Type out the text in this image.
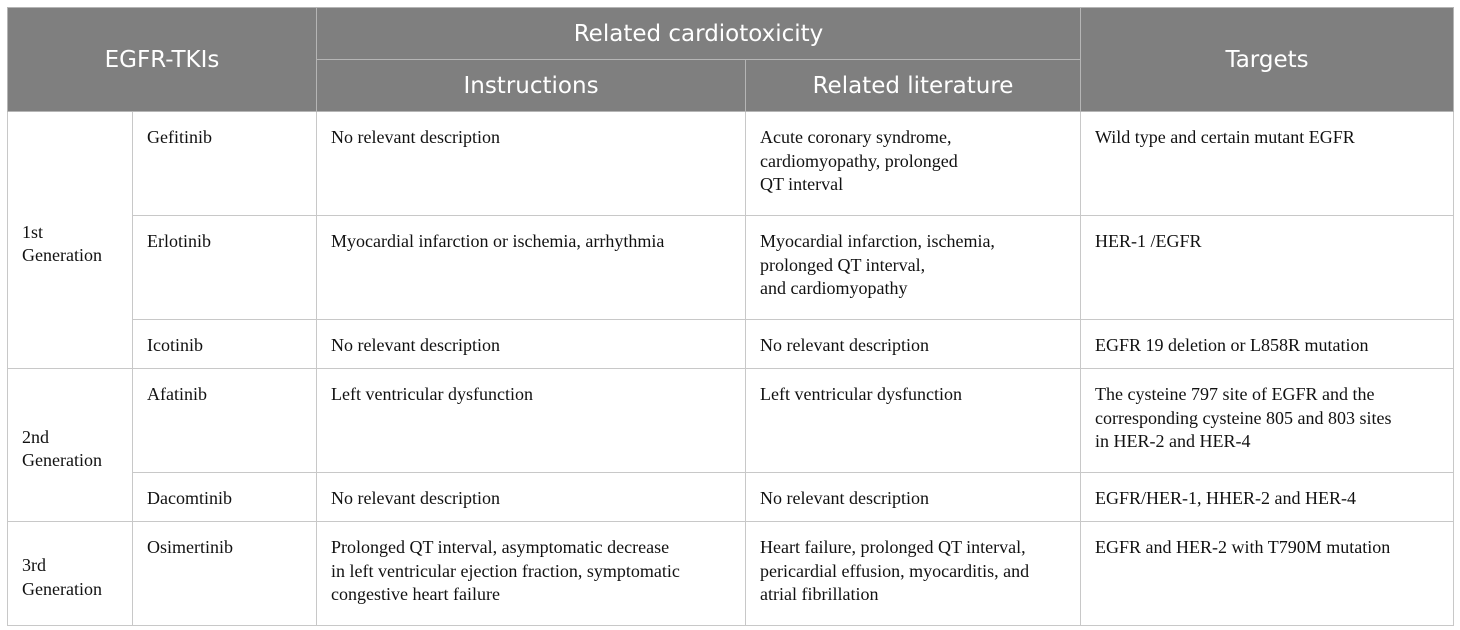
EGFR-TKIs		Related cardiotoxicity		Targets
		Instructions	Related literature	

1st
Generation	Gefitinib	No relevant description	Acute coronary syndrome,
cardiomyopathy, prolonged
QT interval	Wild type and certain mutant EGFR

	Erlotinib	Myocardial infarction or ischemia, arrhythmia	Myocardial infarction, ischemia,
prolonged QT interval,
and cardiomyopathy	HER-1 /EGFR

	Icotinib	No relevant description	No relevant description	EGFR 19 deletion or L858R mutation

2nd
Generation	Afatinib	Left ventricular dysfunction	Left ventricular dysfunction	The cysteine 797 site of EGFR and the
corresponding cysteine 805 and 803 sites
in HER-2 and HER-4

	Dacomtinib	No relevant description	No relevant description	EGFR/HER-1, HHER-2 and HER-4

3rd
Generation	Osimertinib	Prolonged QT interval, asymptomatic decrease
in left ventricular ejection fraction, symptomatic
congestive heart failure	Heart failure, prolonged QT interval,
pericardial effusion, myocarditis, and
atrial fibrillation	EGFR and HER-2 with T790M mutation
